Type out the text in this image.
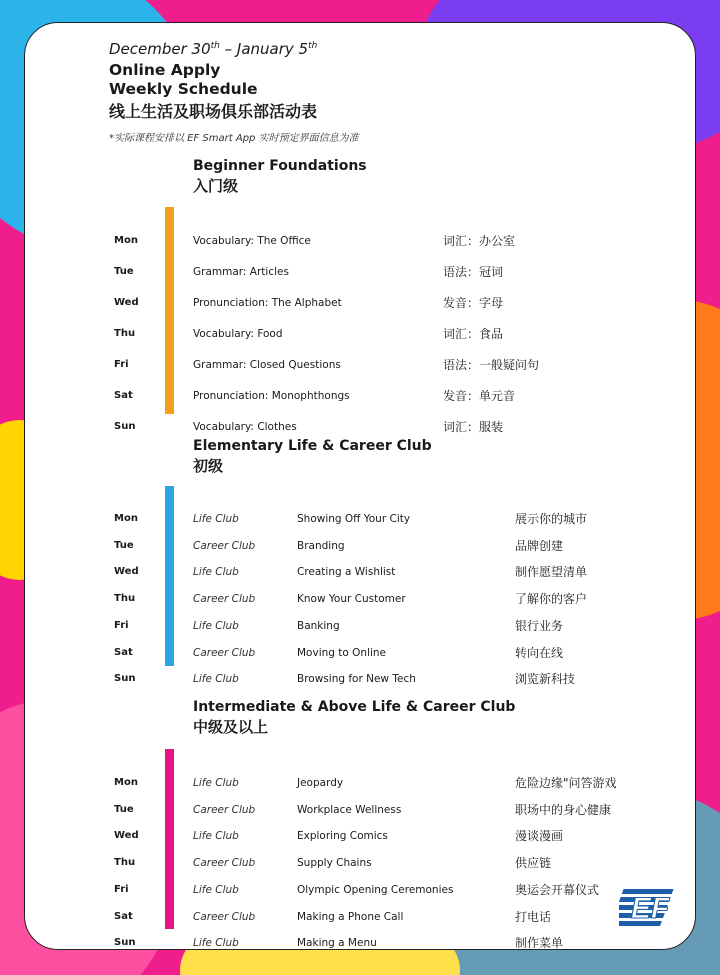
December 30th – January 5th
Online Apply
Weekly Schedule
线上生活及职场俱乐部活动表
*实际课程安排以 EF Smart App 实时预定界面信息为准
Beginner Foundations
入门级
Mon	Vocabulary: The Office	词汇：办公室
Tue	Grammar: Articles	语法：冠词
Wed	Pronunciation: The Alphabet	发音：字母
Thu	Vocabulary: Food	词汇：食品
Fri	Grammar: Closed Questions	语法：一般疑问句
Sat	Pronunciation: Monophthongs	发音：单元音
Sun	Vocabulary: Clothes	词汇：服装
Elementary Life & Career Club
初级
Mon	Life Club	Showing Off Your City	展示你的城市
Tue	Career Club	Branding	品牌创建
Wed	Life Club	Creating a Wishlist	制作愿望清单
Thu	Career Club	Know Your Customer	了解你的客户
Fri	Life Club	Banking	银行业务
Sat	Career Club	Moving to Online	转向在线
Sun	Life Club	Browsing for New Tech	浏览新科技
Intermediate & Above Life & Career Club
中级及以上
Mon	Life Club	Jeopardy	危险边缘"问答游戏
Tue	Career Club	Workplace Wellness	职场中的身心健康
Wed	Life Club	Exploring Comics	漫谈漫画
Thu	Career Club	Supply Chains	供应链
Fri	Life Club	Olympic Opening Ceremonies	奥运会开幕仪式
Sat	Career Club	Making a Phone Call	打电话
Sun	Life Club	Making a Menu	制作菜单
EF
